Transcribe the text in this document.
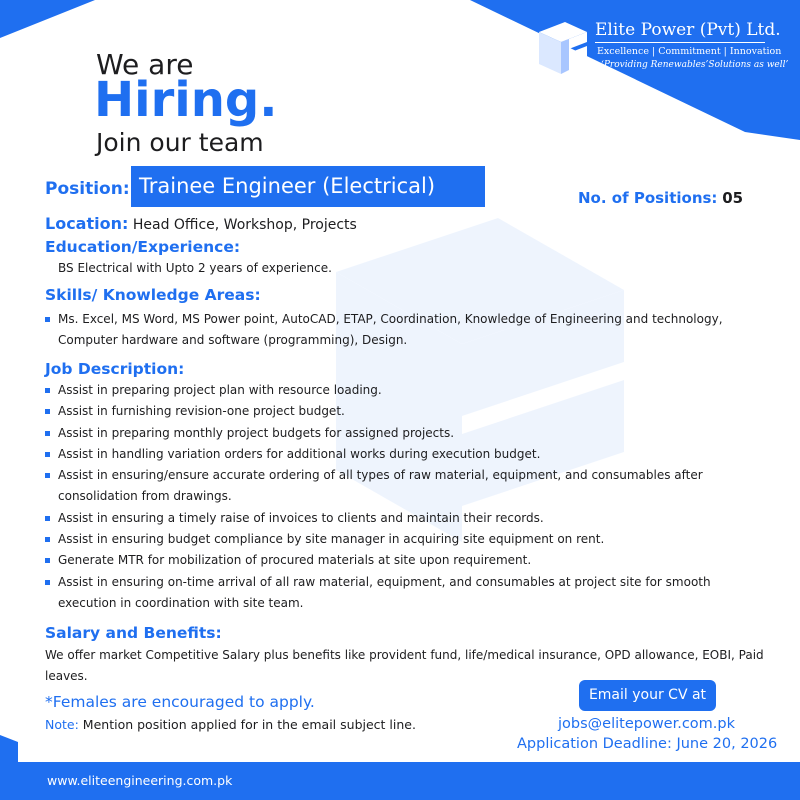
Elite Power (Pvt) Ltd.
Excellence | Commitment | Innovation
‘Providing Renewables’Solutions as well’
We are
Hiring.
Join our team
Position: Trainee Engineer (Electrical)	No. of Positions: 05
Location: Head Office, Workshop, Projects
Education/Experience:
BS Electrical with Upto 2 years of experience.
Skills/ Knowledge Areas:
Ms. Excel, MS Word, MS Power point, AutoCAD, ETAP, Coordination, Knowledge of Engineering and technology, Computer hardware and software (programming), Design.
Job Description:
Assist in preparing project plan with resource loading.
Assist in furnishing revision-one project budget.
Assist in preparing monthly project budgets for assigned projects.
Assist in handling variation orders for additional works during execution budget.
Assist in ensuring/ensure accurate ordering of all types of raw material, equipment, and consumables after consolidation from drawings.
Assist in ensuring a timely raise of invoices to clients and maintain their records.
Assist in ensuring budget compliance by site manager in acquiring site equipment on rent.
Generate MTR for mobilization of procured materials at site upon requirement.
Assist in ensuring on-time arrival of all raw material, equipment, and consumables at project site for smooth execution in coordination with site team.
Salary and Benefits:
We offer market Competitive Salary plus benefits like provident fund, life/medical insurance, OPD allowance, EOBI, Paid leaves.
*Females are encouraged to apply.
Note: Mention position applied for in the email subject line.
Email your CV at
jobs@elitepower.com.pk
Application Deadline: June 20, 2026
www.eliteengineering.com.pk
